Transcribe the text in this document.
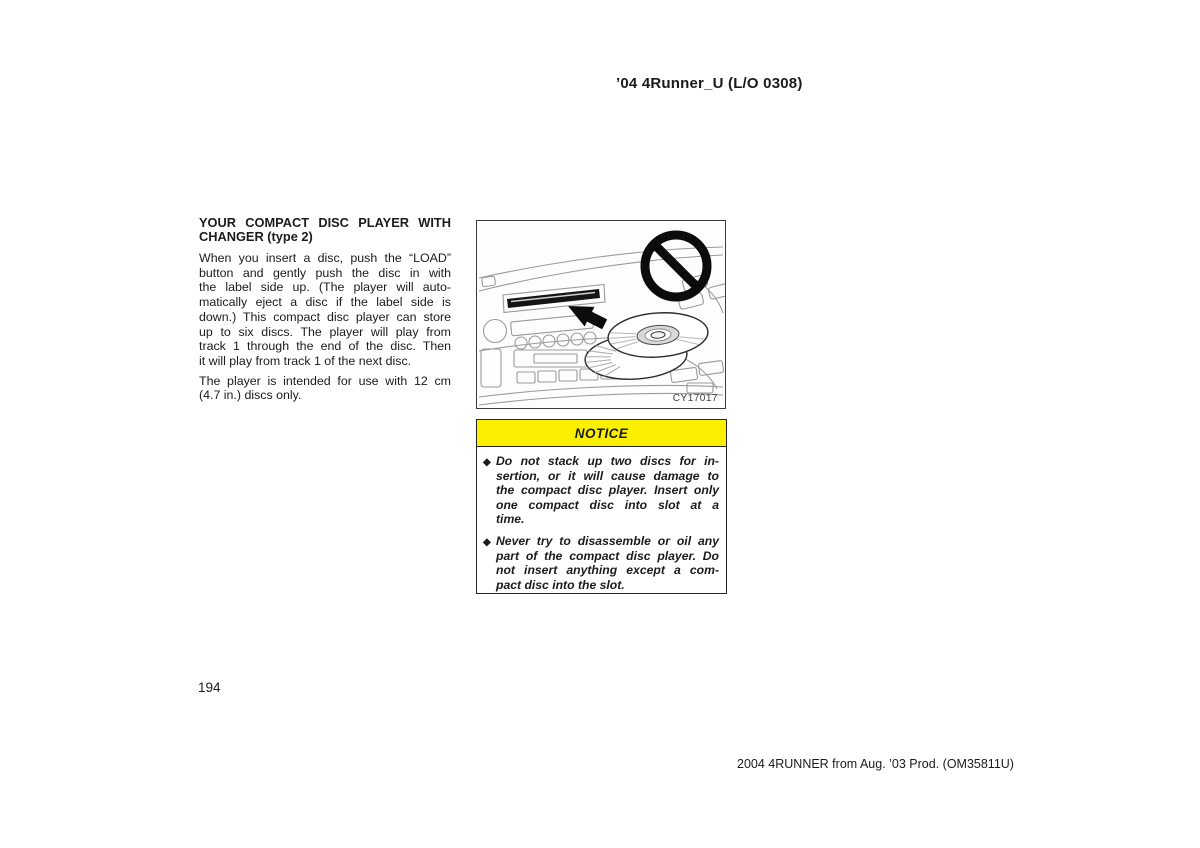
’04 4Runner_U (L/O 0308)
YOUR COMPACT DISC PLAYER WITH
CHANGER (type 2)
When you insert a disc, push the “LOAD”
button and gently push the disc in with
the label side up. (The player will auto-
matically eject a disc if the label side is
down.) This compact disc player can store
up to six discs. The player will play from
track 1 through the end of the disc. Then
it will play from track 1 of the next disc.
The player is intended for use with 12 cm
(4.7 in.) discs only.	CY17017
NOTICE
◆ Do not stack up two discs for in-
sertion, or it will cause damage to
the compact disc player. Insert only
one compact disc into slot at a
time.
◆ Never try to disassemble or oil any
part of the compact disc player. Do
not insert anything except a com-
pact disc into the slot.
194
2004 4RUNNER from Aug. ’03 Prod. (OM35811U)
